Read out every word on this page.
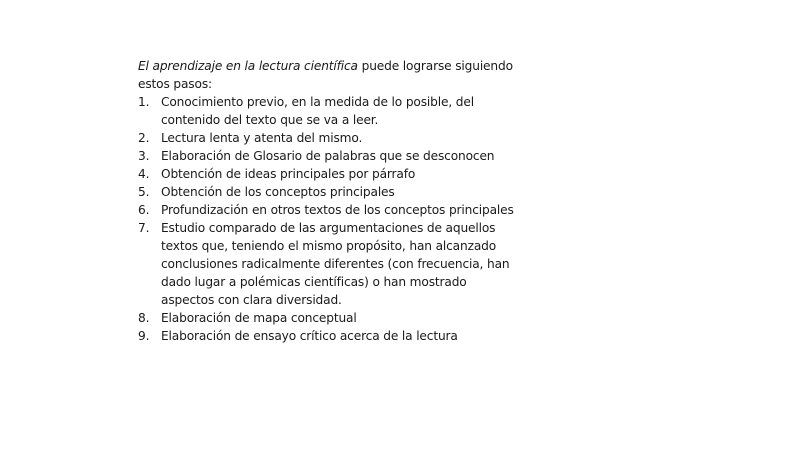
El aprendizaje en la lectura científica puede lograrse siguiendo estos pasos:

1. Conocimiento previo, en la medida de lo posible, del contenido del texto que se va a leer.
2. Lectura lenta y atenta del mismo.
3. Elaboración de Glosario de palabras que se desconocen
4. Obtención de ideas principales por párrafo
5. Obtención de los conceptos principales
6. Profundización en otros textos de los conceptos principales
7. Estudio comparado de las argumentaciones de aquellos textos que, teniendo el mismo propósito, han alcanzado conclusiones radicalmente diferentes (con frecuencia, han dado lugar a polémicas científicas) o han mostrado aspectos con clara diversidad.
8. Elaboración de mapa conceptual
9. Elaboración de ensayo crítico acerca de la lectura
